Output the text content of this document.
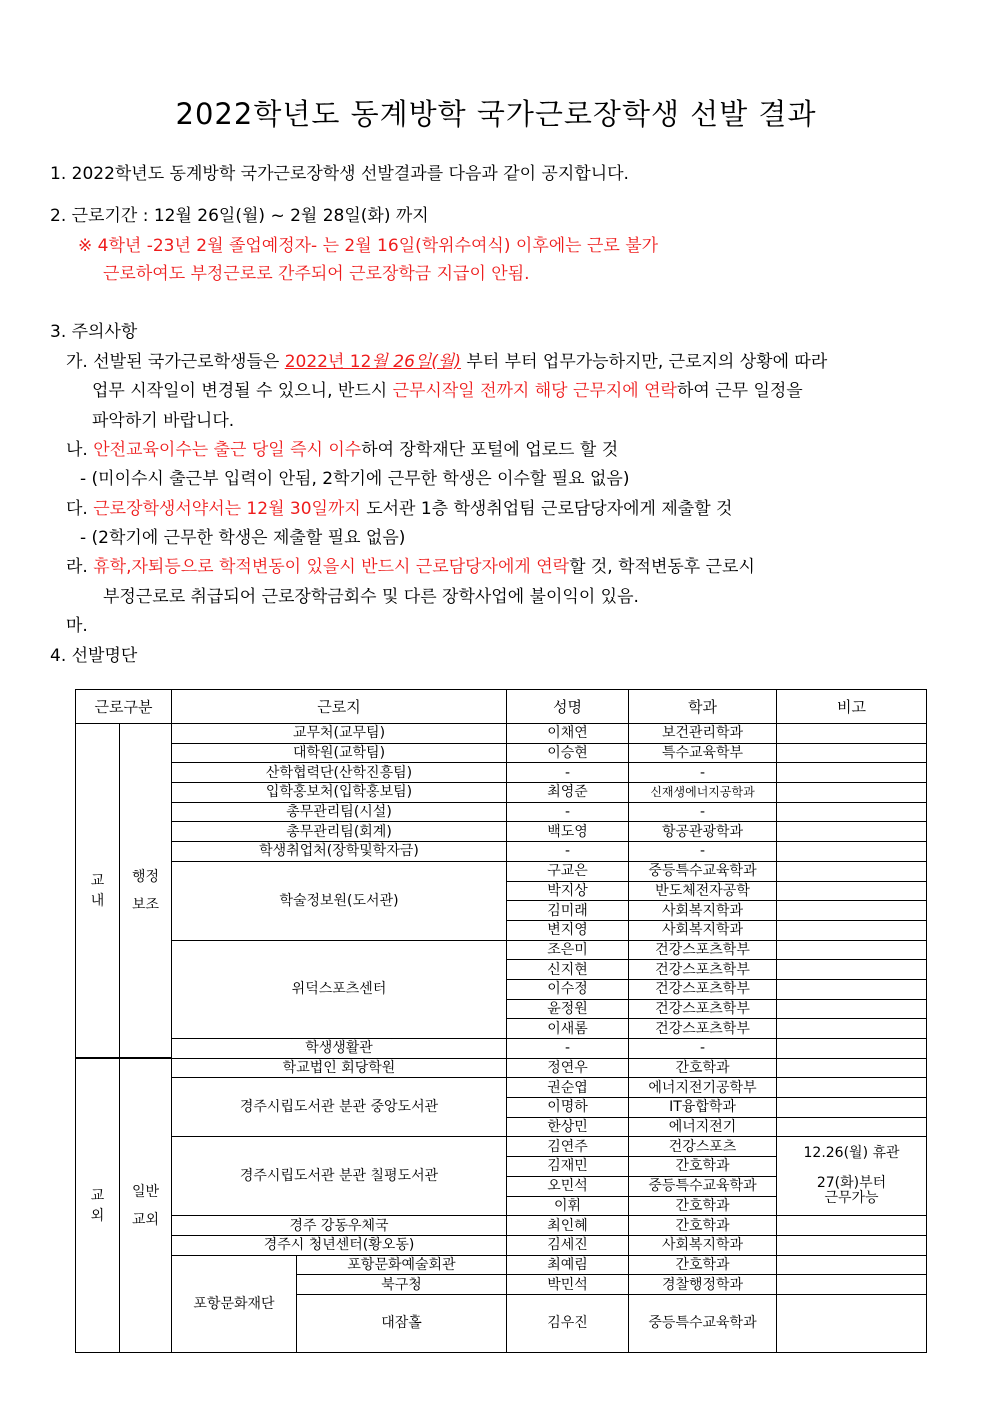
2022학년도 동계방학 국가근로장학생 선발 결과
1. 2022학년도 동계방학 국가근로장학생 선발결과를 다음과 같이 공지합니다.
2. 근로기간 : 12월 26일(월) ~ 2월 28일(화) 까지
※ 4학년 -23년 2월 졸업예정자- 는 2월 16일(학위수여식) 이후에는 근로 불가
근로하여도 부정근로로 간주되어 근로장학금 지급이 안됨.
3. 주의사항
가. 선발된 국가근로학생들은 2022년 12월 26일(월) 부터 부터 업무가능하지만, 근로지의 상황에 따라
업무 시작일이 변경될 수 있으니, 반드시 근무시작일 전까지 해당 근무지에 연락하여 근무 일정을
파악하기 바랍니다.
나. 안전교육이수는 출근 당일 즉시 이수하여 장학재단 포털에 업로드 할 것
- (미이수시 출근부 입력이 안됨, 2학기에 근무한 학생은 이수할 필요 없음)
다. 근로장학생서약서는 12월 30일까지 도서관 1층 학생취업팀 근로담당자에게 제출할 것
- (2학기에 근무한 학생은 제출할 필요 없음)
라. 휴학,자퇴등으로 학적변동이 있을시 반드시 근로담당자에게 연락할 것, 학적변동후 근로시
부정근로로 취급되어 근로장학금회수 및 다른 장학사업에 불이익이 있음.
마.
4. 선발명단
근로구분		근로지		성명	학과	비고
교
내	행정
보조	교무처(교무팀)		이채연	보건관리학과	
		대학원(교학팀)		이승현	특수교육학부	
		산학협력단(산학진흥팀)		-	-	
		입학홍보처(입학홍보팀)		최영준	신재생에너지공학과	
		총무관리팀(시설)		-	-	
		총무관리팀(회계)		백도영	항공관광학과	
		학생취업처(장학및학자금)		-	-	
		학술정보원(도서관)		구교은	중등특수교육학과	
				박지상	반도체전자공학	
				김미래	사회복지학과	
				변지영	사회복지학과	
		위덕스포츠센터		조은미	건강스포츠학부	
				신지현	건강스포츠학부	
				이수정	건강스포츠학부	
				윤정원	건강스포츠학부	
				이새롬	건강스포츠학부	
		학생생활관		-	-	
교
외	일반
교외	학교법인 회당학원		정연우	간호학과	
		경주시립도서관 분관 중앙도서관		권순엽	에너지전기공학부	
				이명하	IT융합학과	
				한상민	에너지전기	
		경주시립도서관 분관 칠평도서관		김연주	건강스포츠	12.26(월) 휴관

27(화)부터
근무가능
				김재민	간호학과	
				오민석	중등특수교육학과	
				이휘	간호학과	
		경주 강동우체국		최인혜	간호학과	
		경주시 청년센터(황오동)		김세진	사회복지학과	
		포항문화재단	포항문화예술회관	최예림	간호학과	
			북구청	박민석	경찰행정학과	
			대잠홀	김우진	중등특수교육학과	
